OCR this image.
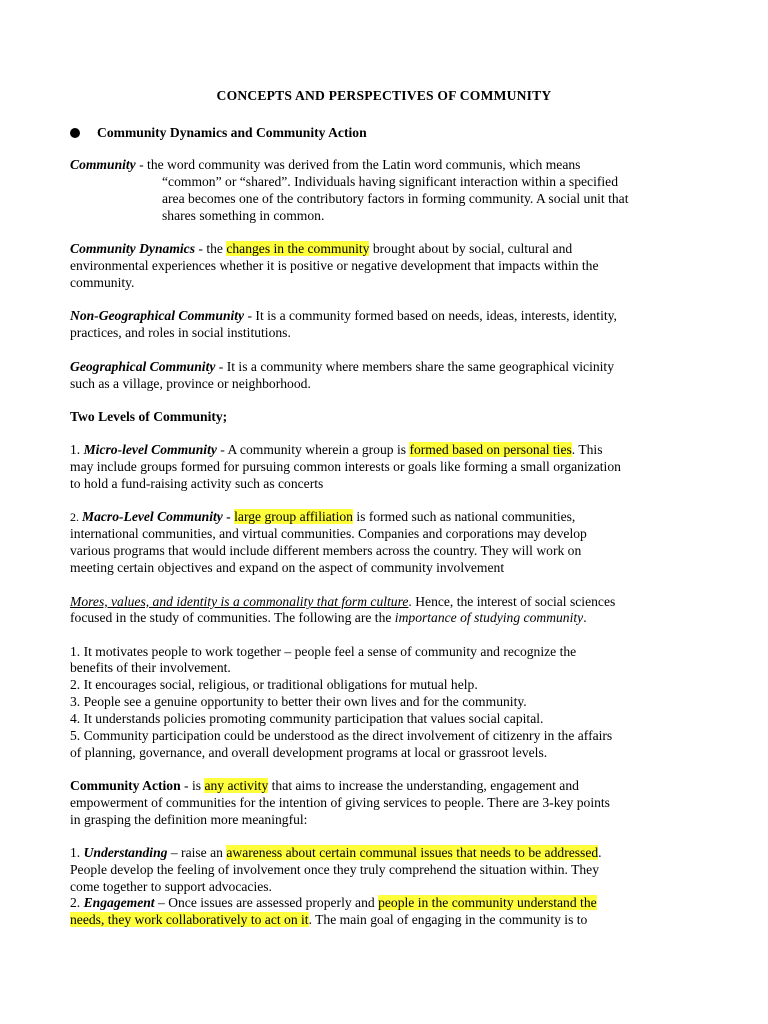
CONCEPTS AND PERSPECTIVES OF COMMUNITY
Community Dynamics and Community Action
Community - the word community was derived from the Latin word communis, which means
“common” or “shared”. Individuals having significant interaction within a specified
area becomes one of the contributory factors in forming community. A social unit that
shares something in common.
Community Dynamics - the changes in the community brought about by social, cultural and
environmental experiences whether it is positive or negative development that impacts within the
community.
Non-Geographical Community - It is a community formed based on needs, ideas, interests, identity,
practices, and roles in social institutions.
Geographical Community - It is a community where members share the same geographical vicinity
such as a village, province or neighborhood.
Two Levels of Community;
1. Micro-level Community - A community wherein a group is formed based on personal ties. This
may include groups formed for pursuing common interests or goals like forming a small organization
to hold a fund-raising activity such as concerts
2. Macro-Level Community - large group affiliation is formed such as national communities,
international communities, and virtual communities. Companies and corporations may develop
various programs that would include different members across the country. They will work on
meeting certain objectives and expand on the aspect of community involvement
Mores, values, and identity is a commonality that form culture. Hence, the interest of social sciences
focused in the study of communities. The following are the importance of studying community.
1. It motivates people to work together – people feel a sense of community and recognize the
benefits of their involvement.
2. It encourages social, religious, or traditional obligations for mutual help.
3. People see a genuine opportunity to better their own lives and for the community.
4. It understands policies promoting community participation that values social capital.
5. Community participation could be understood as the direct involvement of citizenry in the affairs
of planning, governance, and overall development programs at local or grassroot levels.
Community Action - is any activity that aims to increase the understanding, engagement and
empowerment of communities for the intention of giving services to people. There are 3-key points
in grasping the definition more meaningful:
1. Understanding – raise an awareness about certain communal issues that needs to be addressed.
People develop the feeling of involvement once they truly comprehend the situation within. They
come together to support advocacies.
2. Engagement – Once issues are assessed properly and people in the community understand the
needs, they work collaboratively to act on it. The main goal of engaging in the community is to
